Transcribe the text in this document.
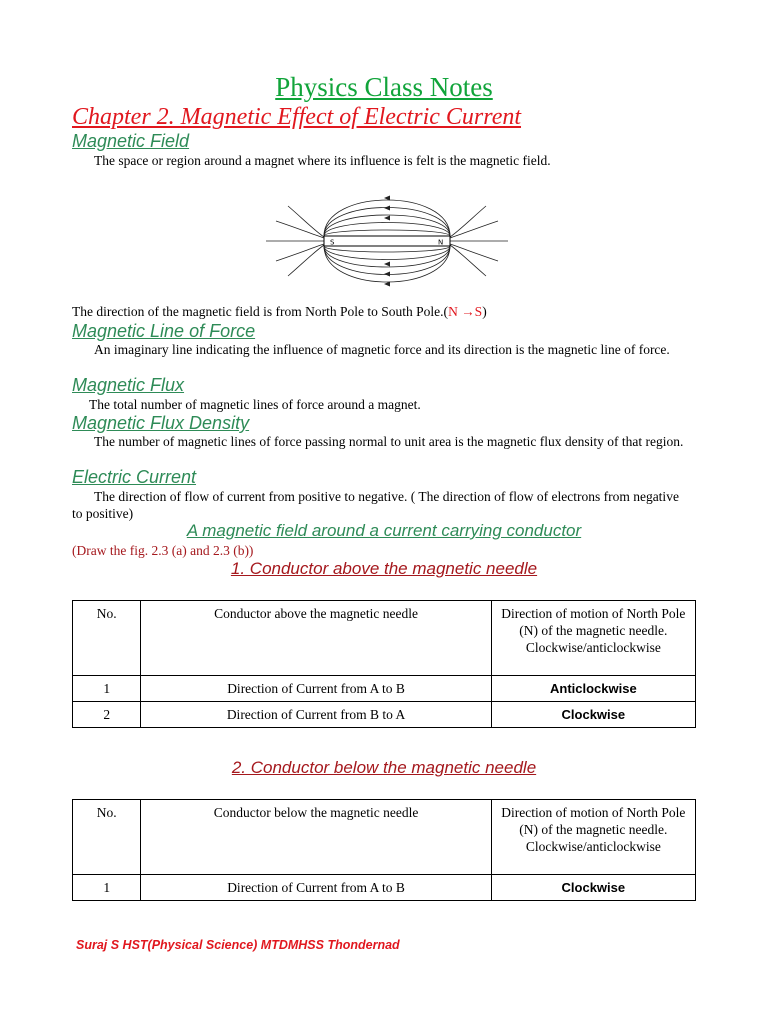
Physics Class Notes
Chapter 2. Magnetic Effect of Electric Current
Magnetic Field
The space or region around a magnet where its influence is felt is the magnetic field.
S	N
The direction of the magnetic field is from North Pole to South Pole.(N →S)
Magnetic Line of Force
An imaginary line indicating the influence of magnetic force and its direction is the magnetic line of force.
Magnetic Flux
The total number of magnetic lines of force around a magnet.
Magnetic Flux Density
The number of magnetic lines of force passing normal to unit area is the magnetic flux density of that region.
Electric Current
The direction of flow of current from positive to negative. ( The direction of flow of electrons from negative to positive)
A magnetic field around a current carrying conductor
(Draw the fig. 2.3 (a) and 2.3 (b))
1. Conductor above the magnetic needle
No.	Conductor above the magnetic needle	Direction of motion of North Pole (N) of the magnetic needle. Clockwise/anticlockwise
1	Direction of Current from A to B	Anticlockwise
2	Direction of Current from B to A	Clockwise
2. Conductor below the magnetic needle
No.	Conductor below the magnetic needle	Direction of motion of North Pole (N) of the magnetic needle. Clockwise/anticlockwise
1	Direction of Current from A to B	Clockwise
Suraj S HST(Physical Science) MTDMHSS Thondernad
